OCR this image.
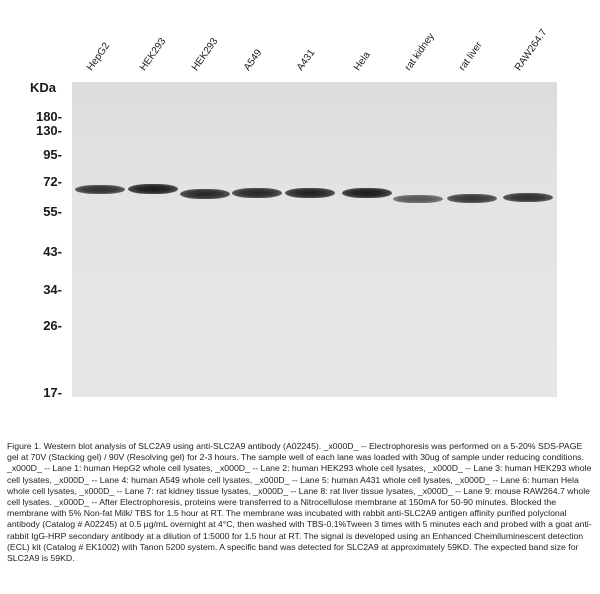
KDa
HepG2	HEK293 HEK293 A549	A431	Hela	rat kidney rat liver	RAW264.7
180-
130-
95-
72-
55-
43-
34-
26-
17-
Figure 1. Western blot analysis of SLC2A9 using anti-SLC2A9 antibody (A02245). _x000D_ -- Electrophoresis was performed on a 5-20% SDS-PAGE gel at 70V (Stacking gel) / 90V (Resolving gel) for 2-3 hours. The sample well of each lane was loaded with 30ug of sample under reducing conditions. _x000D_ -- Lane 1: human HepG2 whole cell lysates, _x000D_ -- Lane 2: human HEK293 whole cell lysates, _x000D_ -- Lane 3: human HEK293 whole cell lysates, _x000D_ -- Lane 4: human A549 whole cell lysates, _x000D_ -- Lane 5: human A431 whole cell lysates, _x000D_ -- Lane 6: human Hela whole cell lysates, _x000D_ -- Lane 7: rat kidney tissue lysates, _x000D_ -- Lane 8: rat liver tissue lysates, _x000D_ -- Lane 9: mouse RAW264.7 whole cell lysates. _x000D_ -- After Electrophoresis, proteins were transferred to a Nitrocellulose membrane at 150mA for 50-90 minutes. Blocked the membrane with 5% Non-fat Milk/ TBS for 1.5 hour at RT. The membrane was incubated with rabbit anti-SLC2A9 antigen affinity purified polyclonal antibody (Catalog # A02245) at 0.5 μg/mL overnight at 4°C, then washed with TBS-0.1%Tween 3 times with 5 minutes each and probed with a goat anti-rabbit IgG-HRP secondary antibody at a dilution of 1:5000 for 1.5 hour at RT. The signal is developed using an Enhanced Chemiluminescent detection (ECL) kit (Catalog # EK1002) with Tanon 5200 system. A specific band was detected for SLC2A9 at approximately 59KD. The expected band size for SLC2A9 is 59KD.
